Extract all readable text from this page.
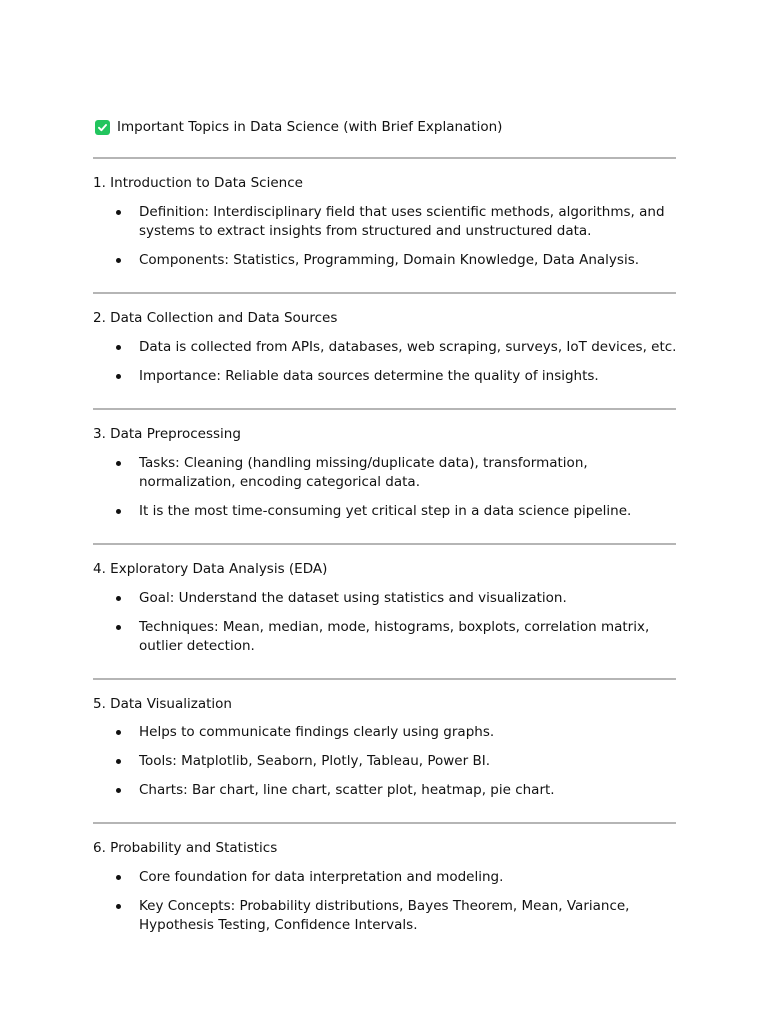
Important Topics in Data Science (with Brief Explanation)
1. Introduction to Data Science
Definition: Interdisciplinary field that uses scientific methods, algorithms, and systems to extract insights from structured and unstructured data.
Components: Statistics, Programming, Domain Knowledge, Data Analysis.
2. Data Collection and Data Sources
Data is collected from APIs, databases, web scraping, surveys, IoT devices, etc.
Importance: Reliable data sources determine the quality of insights.
3. Data Preprocessing
Tasks: Cleaning (handling missing/duplicate data), transformation, normalization, encoding categorical data.
It is the most time-consuming yet critical step in a data science pipeline.
4. Exploratory Data Analysis (EDA)
Goal: Understand the dataset using statistics and visualization.
Techniques: Mean, median, mode, histograms, boxplots, correlation matrix, outlier detection.
5. Data Visualization
Helps to communicate findings clearly using graphs.
Tools: Matplotlib, Seaborn, Plotly, Tableau, Power BI.
Charts: Bar chart, line chart, scatter plot, heatmap, pie chart.
6. Probability and Statistics
Core foundation for data interpretation and modeling.
Key Concepts: Probability distributions, Bayes Theorem, Mean, Variance, Hypothesis Testing, Confidence Intervals.
